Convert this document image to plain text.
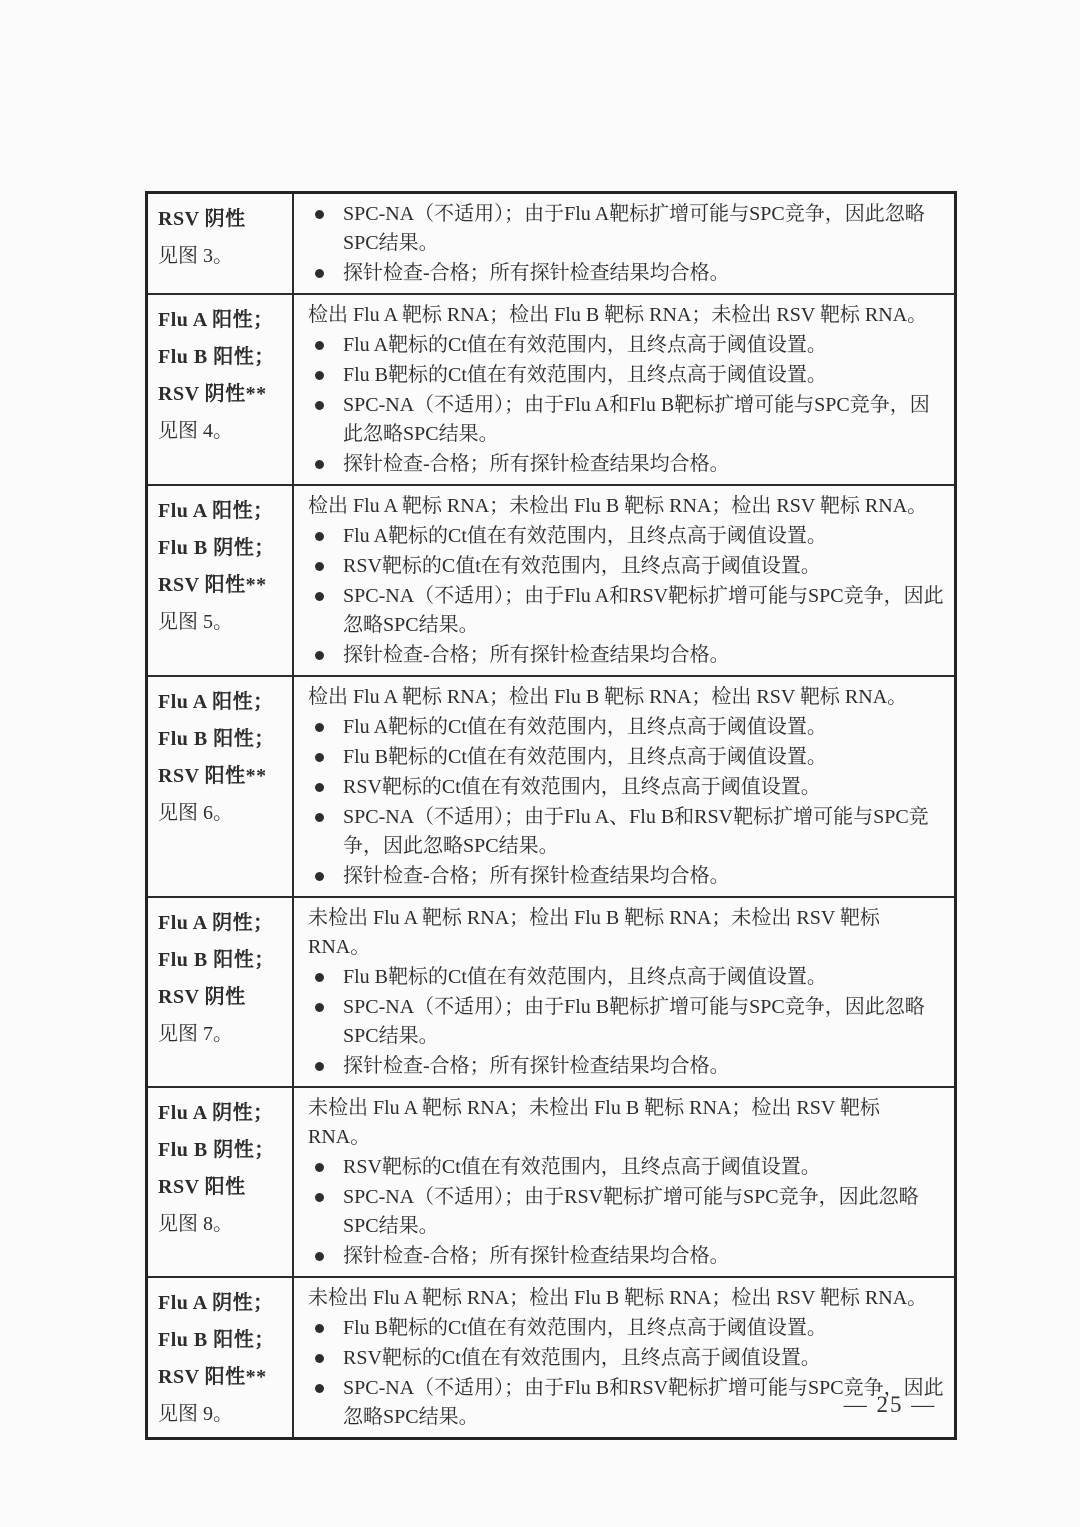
RSV 阴性
见图 3。
SPC-NA（不适用）；由于Flu A靶标扩增可能与SPC竞争，因此忽略SPC结果。
探针检查-合格；所有探针检查结果均合格。
Flu A 阳性；
Flu B 阳性；
RSV 阴性**
见图 4。
检出 Flu A 靶标 RNA；检出 Flu B 靶标 RNA；未检出 RSV 靶标 RNA。
Flu A靶标的Ct值在有效范围内，且终点高于阈值设置。
Flu B靶标的Ct值在有效范围内，且终点高于阈值设置。
SPC-NA（不适用）；由于Flu A和Flu B靶标扩增可能与SPC竞争，因此忽略SPC结果。
探针检查-合格；所有探针检查结果均合格。
Flu A 阳性；
Flu B 阴性；
RSV 阳性**
见图 5。
检出 Flu A 靶标 RNA；未检出 Flu B 靶标 RNA；检出 RSV 靶标 RNA。
Flu A靶标的Ct值在有效范围内，且终点高于阈值设置。
RSV靶标的C值t在有效范围内，且终点高于阈值设置。
SPC-NA（不适用）；由于Flu A和RSV靶标扩增可能与SPC竞争，因此忽略SPC结果。
探针检查-合格；所有探针检查结果均合格。
Flu A 阳性；
Flu B 阳性；
RSV 阳性**
见图 6。
检出 Flu A 靶标 RNA；检出 Flu B 靶标 RNA；检出 RSV 靶标 RNA。
Flu A靶标的Ct值在有效范围内，且终点高于阈值设置。
Flu B靶标的Ct值在有效范围内，且终点高于阈值设置。
RSV靶标的Ct值在有效范围内，且终点高于阈值设置。
SPC-NA（不适用）；由于Flu A、Flu B和RSV靶标扩增可能与SPC竞争，因此忽略SPC结果。
探针检查-合格；所有探针检查结果均合格。
Flu A 阴性；
Flu B 阳性；
RSV 阴性
见图 7。
未检出 Flu A 靶标 RNA；检出 Flu B 靶标 RNA；未检出 RSV 靶标 RNA。
Flu B靶标的Ct值在有效范围内，且终点高于阈值设置。
SPC-NA（不适用）；由于Flu B靶标扩增可能与SPC竞争，因此忽略SPC结果。
探针检查-合格；所有探针检查结果均合格。
Flu A 阴性；
Flu B 阴性；
RSV 阳性
见图 8。
未检出 Flu A 靶标 RNA；未检出 Flu B 靶标 RNA；检出 RSV 靶标 RNA。
RSV靶标的Ct值在有效范围内，且终点高于阈值设置。
SPC-NA（不适用）；由于RSV靶标扩增可能与SPC竞争，因此忽略SPC结果。
探针检查-合格；所有探针检查结果均合格。
Flu A 阴性；
Flu B 阳性；
RSV 阳性**
见图 9。
未检出 Flu A 靶标 RNA；检出 Flu B 靶标 RNA；检出 RSV 靶标 RNA。
Flu B靶标的Ct值在有效范围内，且终点高于阈值设置。
RSV靶标的Ct值在有效范围内，且终点高于阈值设置。
SPC-NA（不适用）；由于Flu B和RSV靶标扩增可能与SPC竞争，因此忽略SPC结果。	— 25 —
